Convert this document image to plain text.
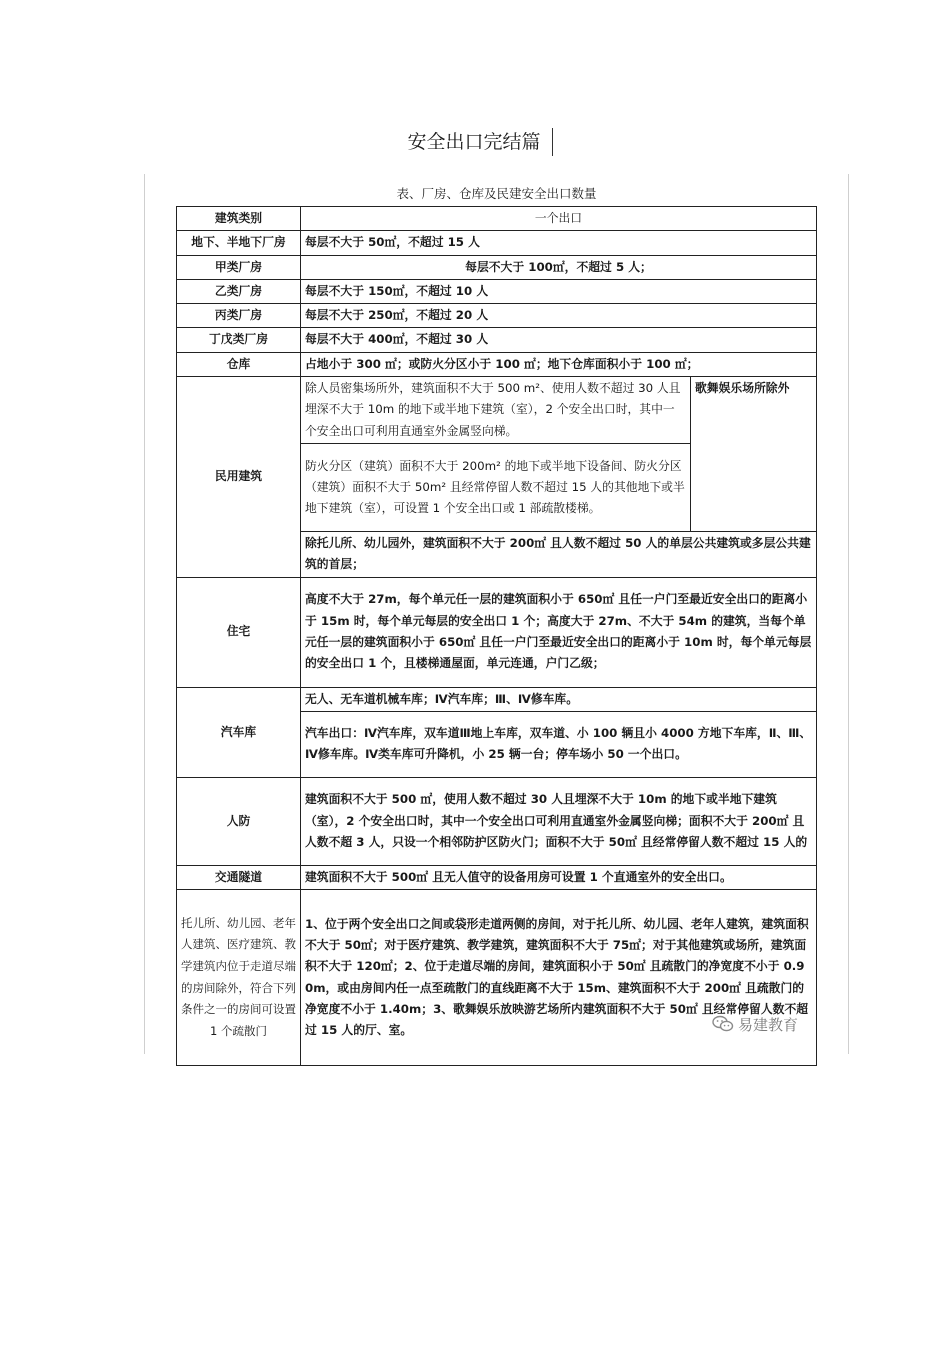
安全出口完结篇
表、厂房、仓库及民建安全出口数量
建筑类别	一个出口	
地下、半地下厂房	每层不大于 50㎡，不超过 15 人	
甲类厂房	每层不大于 100㎡，不超过 5 人；	
乙类厂房	每层不大于 150㎡，不超过 10 人	
丙类厂房	每层不大于 250㎡，不超过 20 人	
丁戊类厂房	每层不大于 400㎡，不超过 30 人	
仓库	占地小于 300 ㎡；或防火分区小于 100 ㎡；地下仓库面积小于 100 ㎡；	
民用建筑	除人员密集场所外，建筑面积不大于 500 m²、使用人数不超过 30 人且埋深不大于 10m 的地下或半地下建筑（室），2 个安全出口时，其中一个安全出口可利用直通室外金属竖向梯。	歌舞娱乐场所除外
	防火分区（建筑）面积不大于 200m² 的地下或半地下设备间、防火分区（建筑）面积不大于 50m² 且经常停留人数不超过 15 人的其他地下或半地下建筑（室），可设置 1 个安全出口或 1 部疏散楼梯。	
	除托儿所、幼儿园外，建筑面积不大于 200㎡ 且人数不超过 50 人的单层公共建筑或多层公共建筑的首层；	
住宅	高度不大于 27m，每个单元任一层的建筑面积小于 650㎡ 且任一户门至最近安全出口的距离小于 15m 时，每个单元每层的安全出口 1 个；高度大于 27m、不大于 54m 的建筑，当每个单元任一层的建筑面积小于 650㎡ 且任一户门至最近安全出口的距离小于 10m 时，每个单元每层的安全出口 1 个，且楼梯通屋面，单元连通，户门乙级；	
汽车库	无人、无车道机械车库；Ⅳ汽车库；Ⅲ、Ⅳ修车库。	
	汽车出口：Ⅳ汽车库，双车道Ⅲ地上车库，双车道、小 100 辆且小 4000 方地下车库，Ⅱ、Ⅲ、Ⅳ修车库。Ⅳ类车库可升降机，小 25 辆一台；停车场小 50 一个出口。	
人防	建筑面积不大于 500 ㎡，使用人数不超过 30 人且埋深不大于 10m 的地下或半地下建筑（室），2 个安全出口时，其中一个安全出口可利用直通室外金属竖向梯；面积不大于 200㎡ 且人数不超 3 人，只设一个相邻防护区防火门；面积不大于 50㎡ 且经常停留人数不超过 15 人的	
交通隧道	建筑面积不大于 500㎡ 且无人值守的设备用房可设置 1 个直通室外的安全出口。	
托儿所、幼儿园、老年人建筑、医疗建筑、教学建筑内位于走道尽端的房间除外，符合下列条件之一的房间可设置 1 个疏散门	1、位于两个安全出口之间或袋形走道两侧的房间，对于托儿所、幼儿园、老年人建筑，建筑面积不大于 50㎡；对于医疗建筑、教学建筑，建筑面积不大于 75㎡；对于其他建筑或场所，建筑面积不大于 120㎡；2、位于走道尽端的房间，建筑面积小于 50㎡ 且疏散门的净宽度不小于 0.90m，或由房间内任一点至疏散门的直线距离不大于 15m、建筑面积不大于 200㎡ 且疏散门的净宽度不小于 1.40m；3、歌舞娱乐放映游艺场所内建筑面积不大于 50㎡ 且经常停留人数不超过 15 人的厅、室。		易建教育
